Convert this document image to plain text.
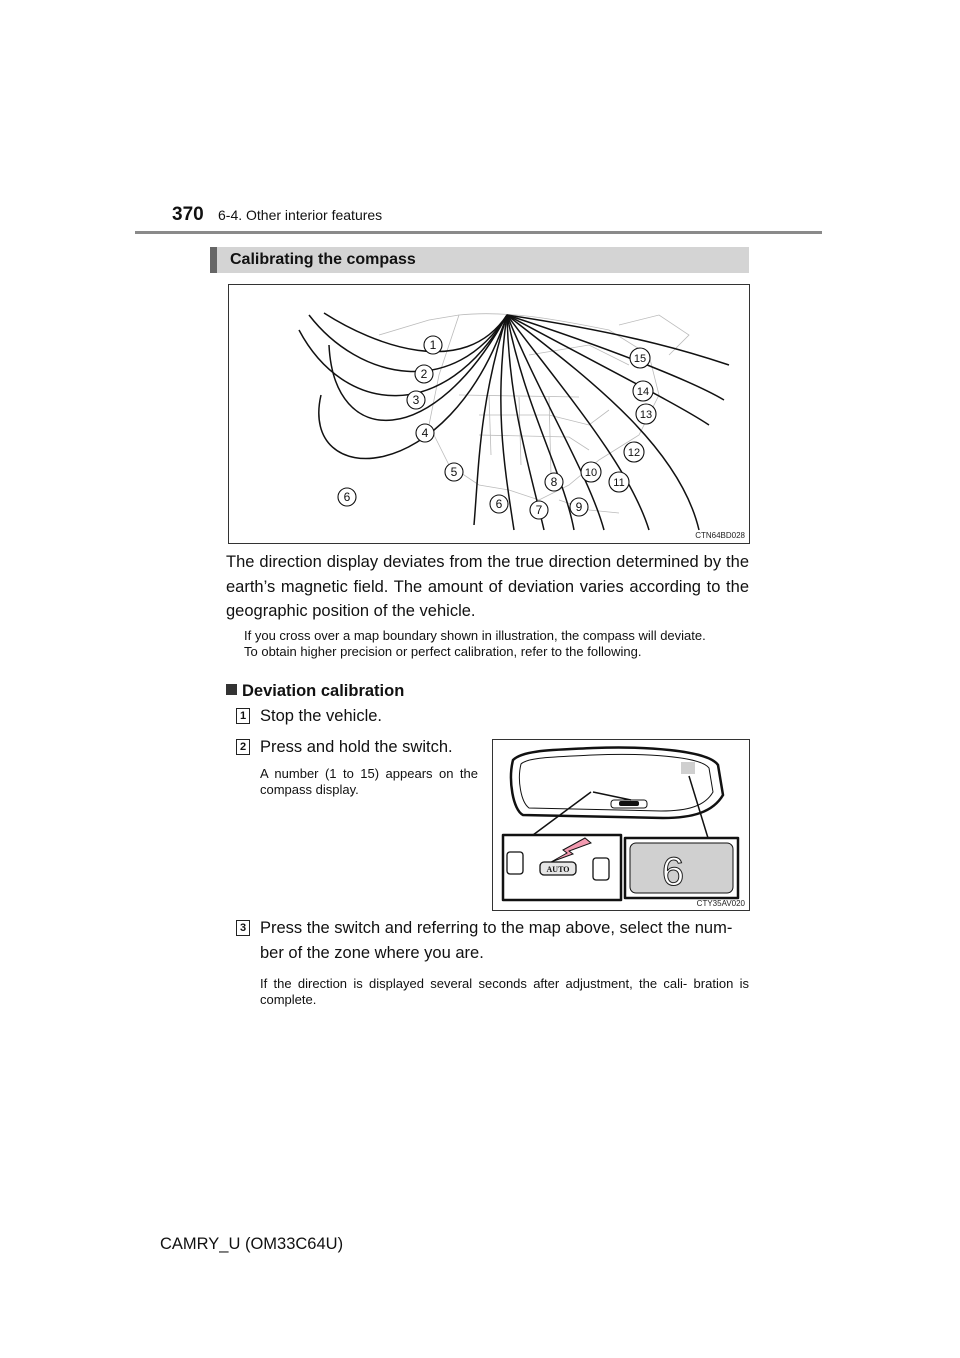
370 6-4. Other interior features
Calibrating the compass
1
2
3
4
5
6	6	7
8
9
10
11
12
13
14
15
CTN64BD028
The direction display deviates from the true direction determined by the earth’s magnetic field. The amount of deviation varies according to the geographic position of the vehicle.
If you cross over a map boundary shown in illustration, the compass will deviate.
To obtain higher precision or perfect calibration, refer to the following.
Deviation calibration
1 Stop the vehicle.
2 Press and hold the switch.
A number (1 to 15) appears on the compass display.
AUTO 6
CTY35AV020
3 Press the switch and referring to the map above, select the num-
ber of the zone where you are.
If the direction is displayed several seconds after adjustment, the cali- bration is complete.
CAMRY_U (OM33C64U)
